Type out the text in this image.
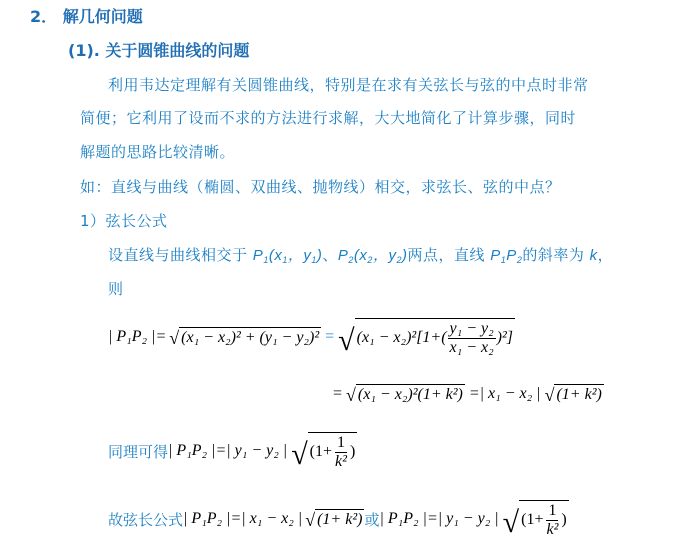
2． 解几何问题
(1). 关于圆锥曲线的问题
利用韦达定理解有关圆锥曲线，特别是在求有关弦长与弦的中点时非常
简便；它利用了设而不求的方法进行求解，大大地简化了计算步骤，同时
解题的思路比较清晰。
如：直线与曲线（椭圆、双曲线、抛物线）相交，求弦长、弦的中点？
1）弦长公式
设直线与曲线相交于 $P_1(x_1$，$y_1$)、$P_2(x_2$，$y_2$)两点，直线 $P_1P_2$的斜率为 k，
则
| P₁P₂ |= √ (x₁ − x₂)² + (y₁ − y₂)² = √ $(x_1 - x_2)^2[1+( \frac{\text{y₁ − y₂}}{\text{x₁ − x₂}} )^2]$
= √ (x₁ − x₂)²(1+ k²) =| x₁ − x₂ | √ (1+ k²)
同理可得 | P₁P₂ |=| y₁ − y₂ | √ ($1+ \frac{1}{\text{k²}}$ )
故弦长公式 | P₁P₂ |=| x₁ − x₂ | √ (1+ k²) 或 | P₁P₂ |=| y₁ − y₂ | √ ($1+ \frac{1}{\text{k²}}$ )
